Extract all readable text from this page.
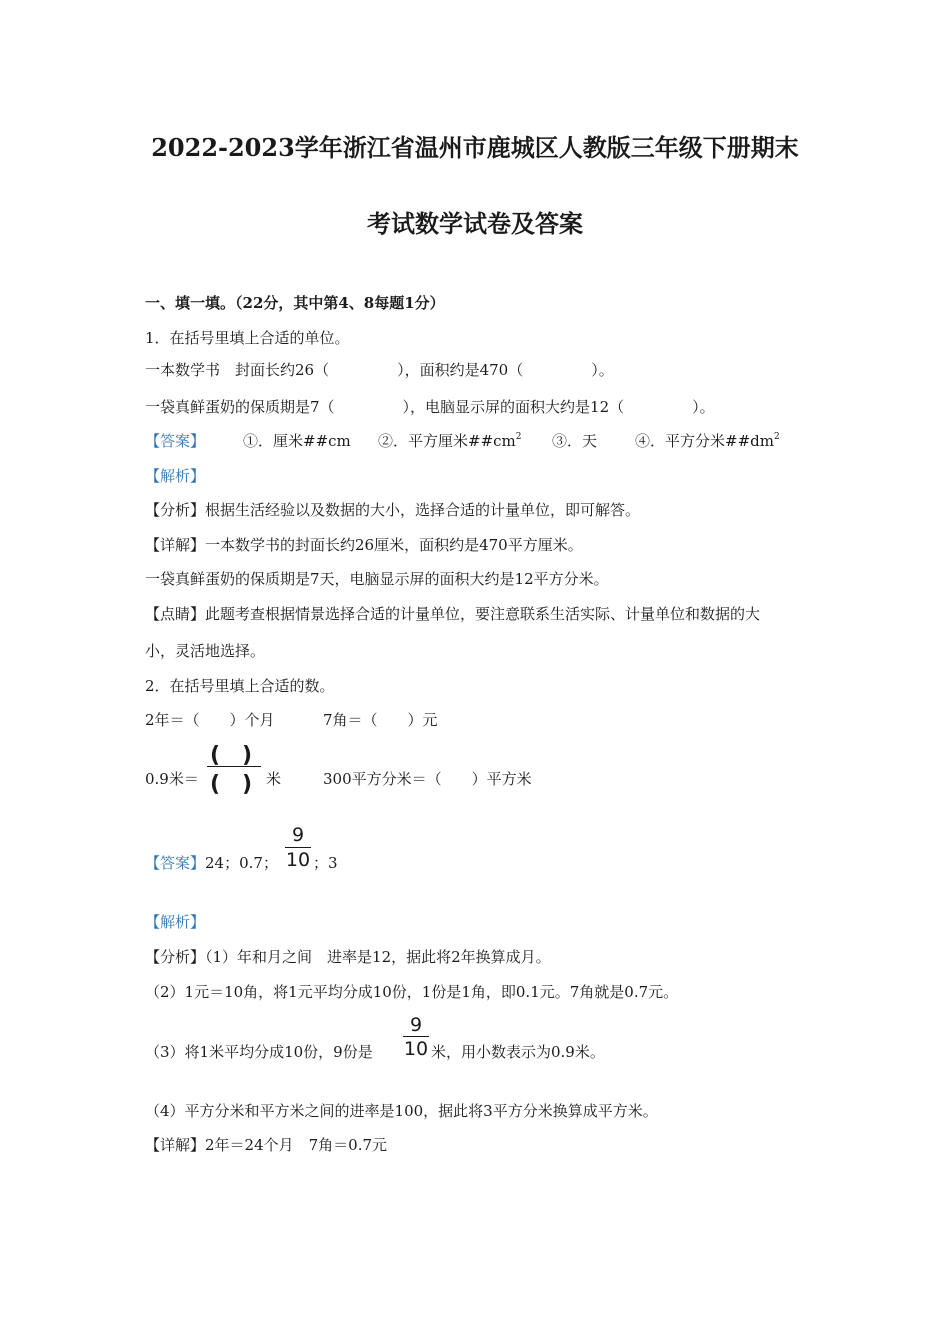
2022-2023学年浙江省温州市鹿城区人教版三年级下册期末
考试数学试卷及答案
一、填一填。（22分，其中第4、8每题1分）
1．在括号里填上合适的单位。
一本数学书　封面长约26（	），面积约是470（	）。
一袋真鲜蛋奶的保质期是7（	），电脑显示屏的面积大约是12（	）。
【答案】	①．厘米##cm ②．平方厘米$\#\#cm^2$ ③．天	④．平方分米$\#\#dm^2$
【解析】
【分析】根据生活经验以及数据的大小，选择合适的计量单位，即可解答。
【详解】一本数学书的封面长约26厘米，面积约是470平方厘米。
一袋真鲜蛋奶的保质期是7天，电脑显示屏的面积大约是12平方分米。
【点睛】此题考查根据情景选择合适的计量单位，要注意联系生活实际、计量单位和数据的大
小，灵活地选择。
2．在括号里填上合适的数。
2年＝（　　）个月	7角＝（　　）元
0.9米＝
(　)
(　) 米	300平方分米＝（　　）平方米
【答案】24；0.7； $\frac{9}{10}$ ；3
【解析】
【分析】（1）年和月之间　进率是12，据此将2年换算成月。
（2）1元＝10角，将1元平均分成10份，1份是1角，即0.1元。7角就是0.7元。
（3）将1米平均分成10份，9份是 $\frac{9}{10}$ 米，用小数表示为0.9米。
（4）平方分米和平方米之间的进率是100，据此将3平方分米换算成平方米。
【详解】2年＝24个月　7角＝0.7元
